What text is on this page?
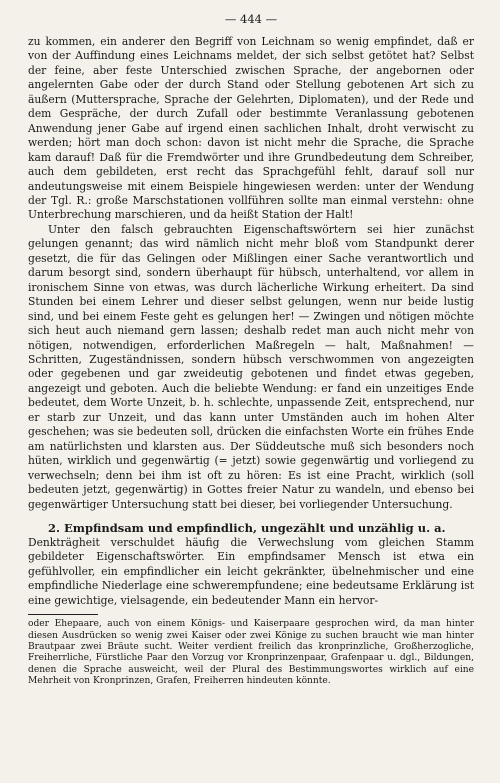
— 444 —

zu kommen, ein anderer den Begriff von Leichnam so wenig empfindet, daß er von der Auffindung eines Leichnams meldet, der sich selbst getötet hat? Selbst der feine, aber feste Unterschied zwischen Sprache, der angebornen oder angelernten Gabe oder der durch Stand oder Stellung gebotenen Art sich zu äußern (Muttersprache, Sprache der Gelehrten, Diplomaten), und der Rede und dem Gespräche, der durch Zufall oder bestimmte Veranlassung gebotenen Anwendung jener Gabe auf irgend einen sachlichen Inhalt, droht verwischt zu werden; hört man doch schon: davon ist nicht mehr die Sprache, die Sprache kam darauf! Daß für die Fremdwörter und ihre Grundbedeutung dem Schreiber, auch dem gebildeten, erst recht das Sprachgefühl fehlt, darauf soll nur andeutungsweise mit einem Beispiele hingewiesen werden: unter der Wendung der Tgl. R.: große Marschstationen vollführen sollte man einmal verstehn: ohne Unterbrechung marschieren, und da heißt Station der Halt!

Unter den falsch gebrauchten Eigenschaftswörtern sei hier zunächst gelungen genannt; das wird nämlich nicht mehr bloß vom Standpunkt derer gesetzt, die für das Gelingen oder Mißlingen einer Sache verantwortlich und darum besorgt sind, sondern überhaupt für hübsch, unterhaltend, vor allem in ironischem Sinne von etwas, was durch lächerliche Wirkung erheitert. Da sind Stunden bei einem Lehrer und dieser selbst gelungen, wenn nur beide lustig sind, und bei einem Feste geht es gelungen her! — Zwingen und nötigen möchte sich heut auch niemand gern lassen; deshalb redet man auch nicht mehr von nötigen, notwendigen, erforderlichen Maßregeln — halt, Maßnahmen! — Schritten, Zugeständnissen, sondern hübsch verschwommen von angezeigten oder gegebenen und gar zweideutig gebotenen und findet etwas gegeben, angezeigt und geboten. Auch die beliebte Wendung: er fand ein unzeitiges Ende bedeutet, dem Worte Unzeit, b. h. schlechte, unpassende Zeit, entsprechend, nur er starb zur Unzeit, und das kann unter Umständen auch im hohen Alter geschehen; was sie bedeuten soll, drücken die einfachsten Worte ein frühes Ende am natürlichsten und klarsten aus. Der Süddeutsche muß sich besonders noch hüten, wirklich und gegenwärtig (= jetzt) sowie gegenwärtig und vorliegend zu verwechseln; denn bei ihm ist oft zu hören: Es ist eine Pracht, wirklich (soll bedeuten jetzt, gegenwärtig) in Gottes freier Natur zu wandeln, und ebenso bei gegenwärtiger Untersuchung statt bei dieser, bei vorliegender Untersuchung.

2. Empfindsam und empfindlich, ungezählt und unzählig u. a.

Denkträgheit verschuldet häufig die Verwechslung vom gleichen Stamm gebildeter Eigenschaftswörter. Ein empfindsamer Mensch ist etwa ein gefühlvoller, ein empfindlicher ein leicht gekränkter, übelnehmischer und eine empfindliche Niederlage eine schwerempfundene; eine bedeutsame Erklärung ist eine gewichtige, vielsagende, ein bedeutender Mann ein hervor-

oder Ehepaare, auch von einem Königs- und Kaiserpaare gesprochen wird, da man hinter diesen Ausdrücken so wenig zwei Kaiser oder zwei Könige zu suchen braucht wie man hinter Brautpaar zwei Bräute sucht. Weiter verdient freilich das kronprinzliche, Großherzogliche, Freiherrliche, Fürstliche Paar den Vorzug vor Kronprinzenpaar, Grafenpaar u. dgl., Bildungen, denen die Sprache ausweicht, weil der Plural des Bestimmungswortes wirklich auf eine Mehrheit von Kronprinzen, Grafen, Freiherren hindeuten könnte.
